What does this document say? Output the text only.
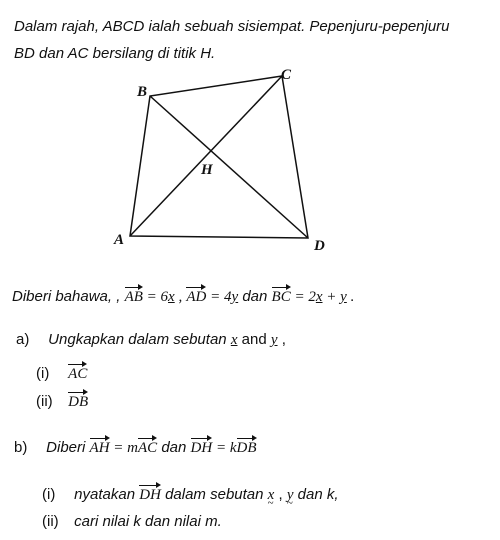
Dalam rajah, ABCD ialah sebuah sisiempat. Pepenjuru-pepenjuru
BD dan AC bersilang di titik H.
A
B
C
D
H
Diberi bahawa, , AB = 6x , AD = 4y dan BC = 2x + y .
a) Ungkapkan dalam sebutan x and y ,
(i) AC
(ii) DB
b) Diberi AH = mAC dan DH = kDB
(i) nyatakan DH dalam sebutan x ~ , y ~ dan k,
(ii) cari nilai k dan nilai m.
